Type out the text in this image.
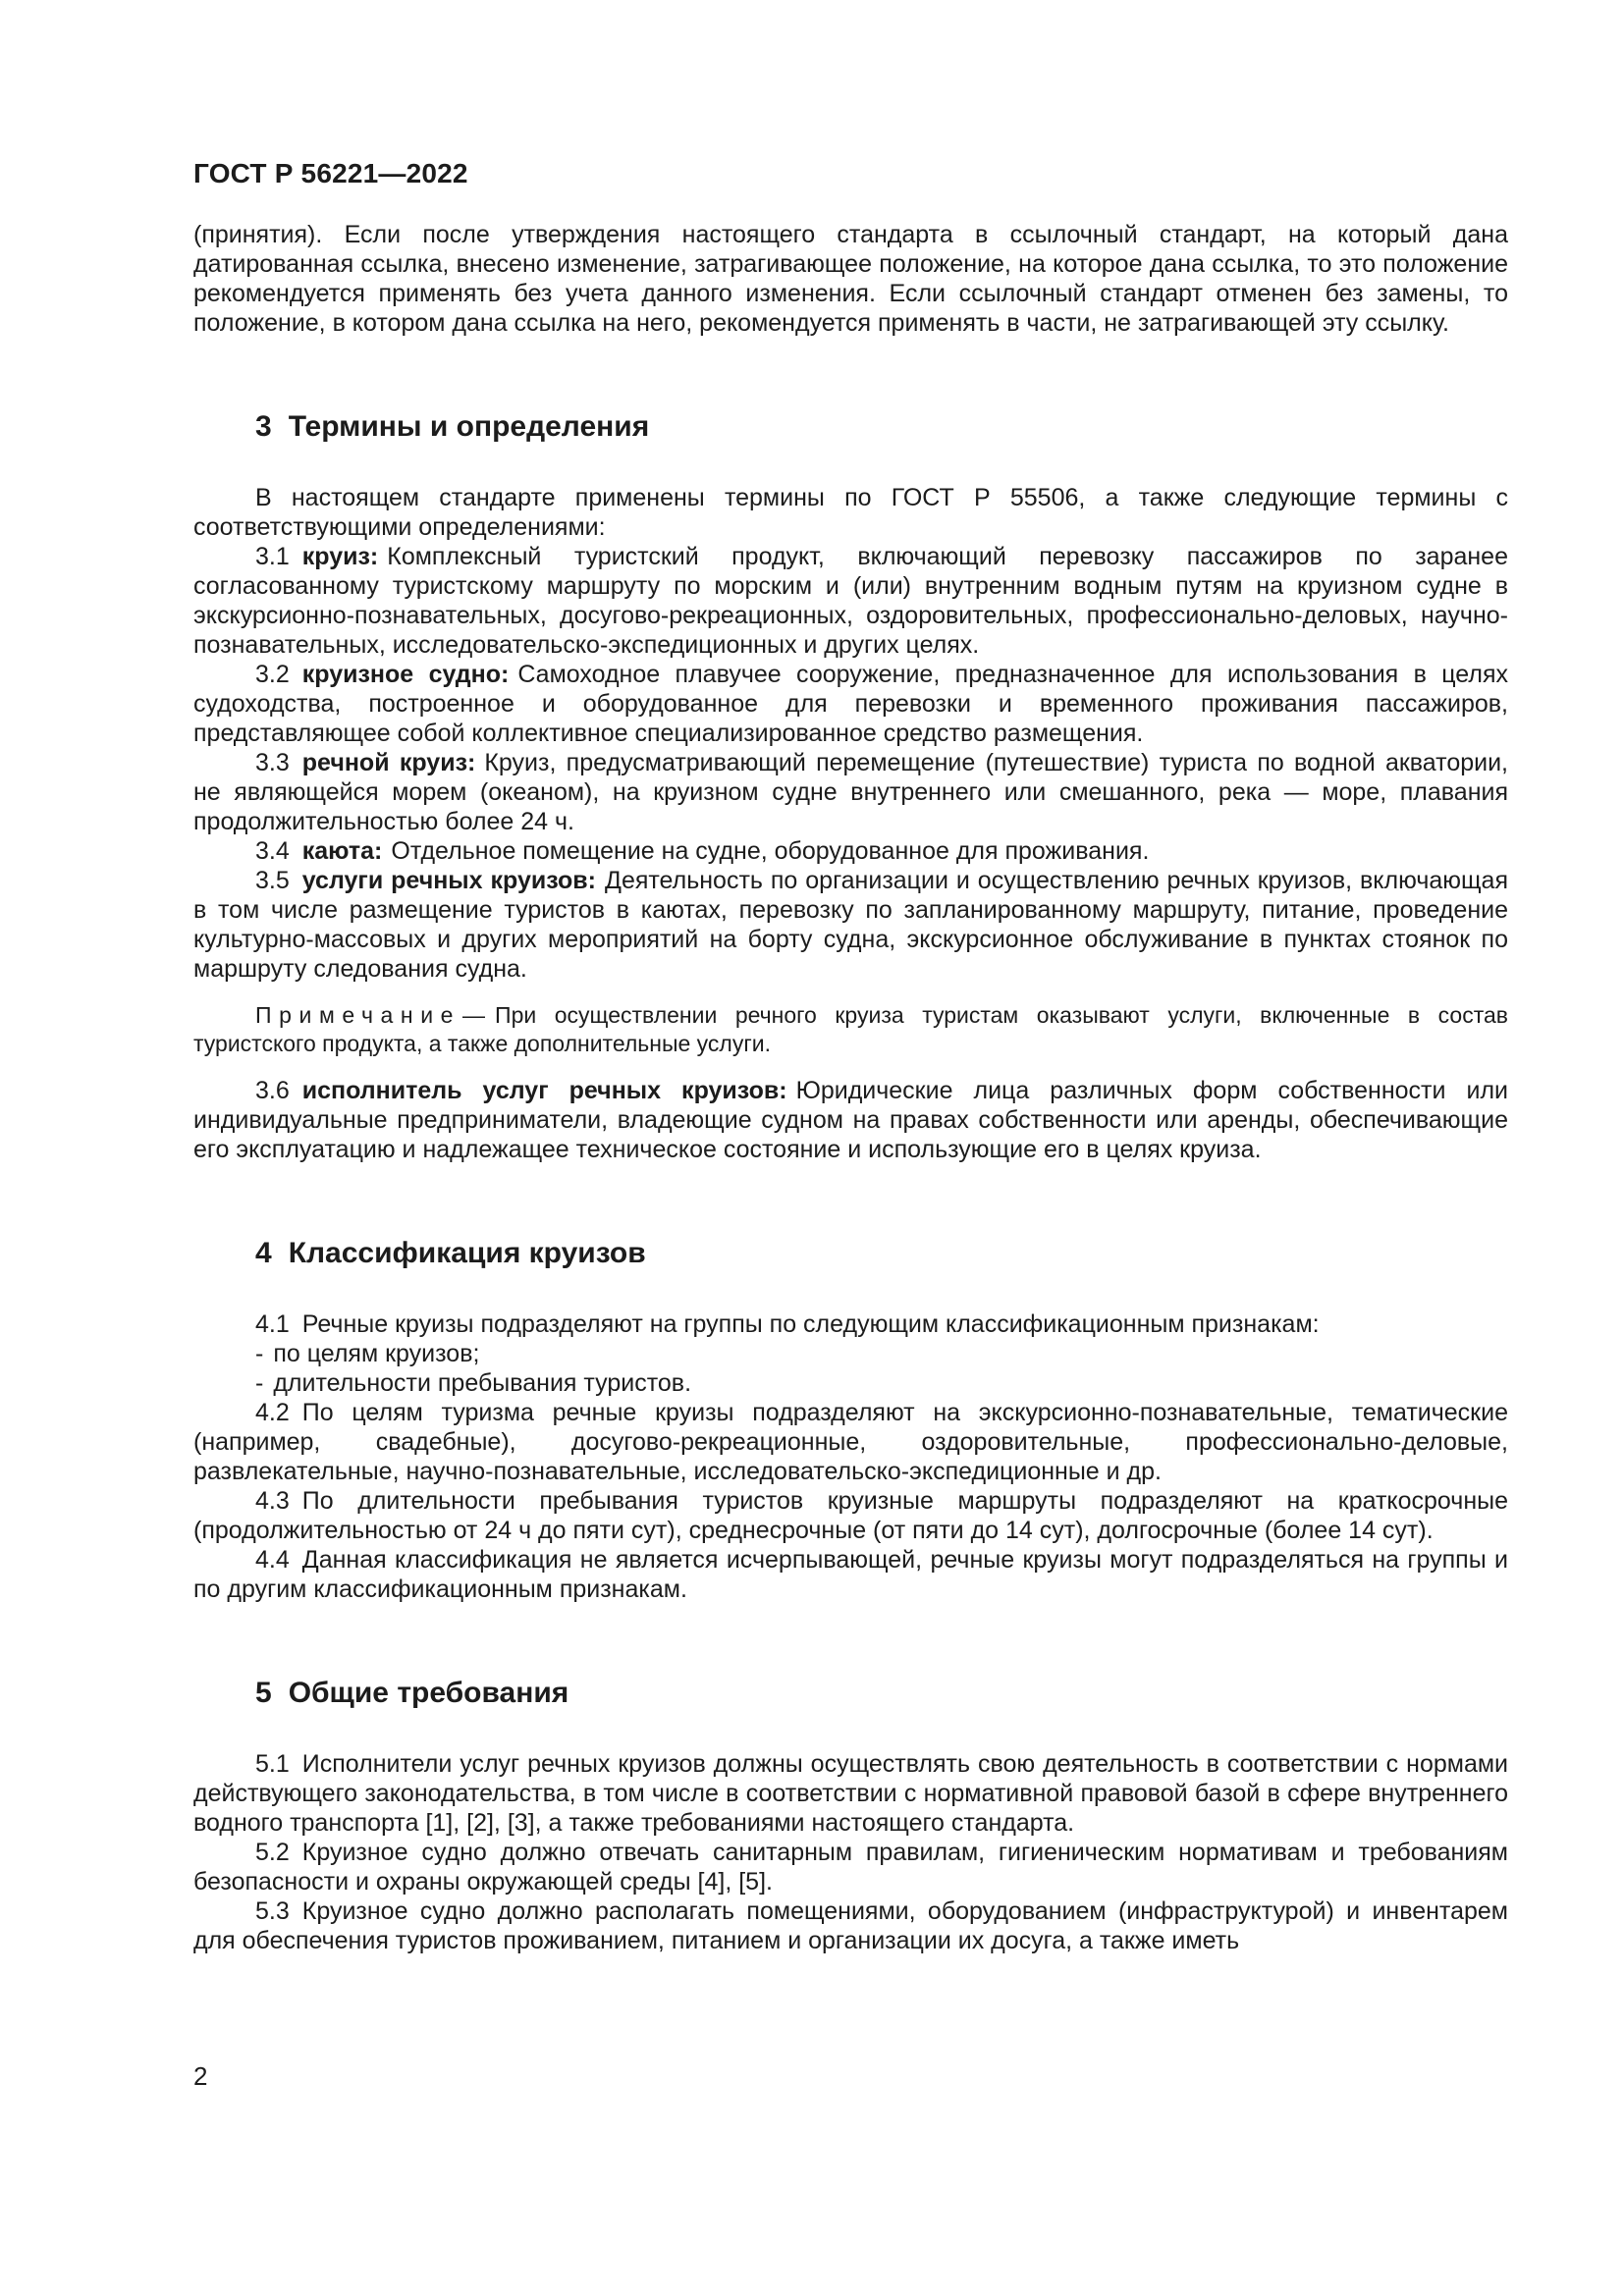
ГОСТ Р 56221—2022

(принятия). Если после утверждения настоящего стандарта в ссылочный стандарт, на который дана датированная ссылка, внесено изменение, затрагивающее положение, на которое дана ссылка, то это положение рекомендуется применять без учета данного изменения. Если ссылочный стандарт отменен без замены, то положение, в котором дана ссылка на него, рекомендуется применять в части, не затрагивающей эту ссылку.

3 Термины и определения

В настоящем стандарте применены термины по ГОСТ Р 55506, а также следующие термины с соответствующими определениями:

3.1 круиз: Комплексный туристский продукт, включающий перевозку пассажиров по заранее согласованному туристскому маршруту по морским и (или) внутренним водным путям на круизном судне в экскурсионно-познавательных, досугово-рекреационных, оздоровительных, профессионально-деловых, научно-познавательных, исследовательско-экспедиционных и других целях.

3.2 круизное судно: Самоходное плавучее сооружение, предназначенное для использования в целях судоходства, построенное и оборудованное для перевозки и временного проживания пассажиров, представляющее собой коллективное специализированное средство размещения.

3.3 речной круиз: Круиз, предусматривающий перемещение (путешествие) туриста по водной акватории, не являющейся морем (океаном), на круизном судне внутреннего или смешанного, река — море, плавания продолжительностью более 24 ч.

3.4 каюта: Отдельное помещение на судне, оборудованное для проживания.

3.5 услуги речных круизов: Деятельность по организации и осуществлению речных круизов, включающая в том числе размещение туристов в каютах, перевозку по запланированному маршруту, питание, проведение культурно-массовых и других мероприятий на борту судна, экскурсионное обслуживание в пунктах стоянок по маршруту следования судна.

Примечание— При осуществлении речного круиза туристам оказывают услуги, включенные в состав туристского продукта, а также дополнительные услуги.

3.6 исполнитель услуг речных круизов: Юридические лица различных форм собственности или индивидуальные предприниматели, владеющие судном на правах собственности или аренды, обеспечивающие его эксплуатацию и надлежащее техническое состояние и использующие его в целях круиза.

4 Классификация круизов

4.1 Речные круизы подразделяют на группы по следующим классификационным признакам:

- по целям круизов;

- длительности пребывания туристов.

4.2 По целям туризма речные круизы подразделяют на экскурсионно-познавательные, тематические (например, свадебные), досугово-рекреационные, оздоровительные, профессионально-деловые, развлекательные, научно-познавательные, исследовательско-экспедиционные и др.

4.3 По длительности пребывания туристов круизные маршруты подразделяют на краткосрочные (продолжительностью от 24 ч до пяти сут), среднесрочные (от пяти до 14 сут), долгосрочные (более 14 сут).

4.4 Данная классификация не является исчерпывающей, речные круизы могут подразделяться на группы и по другим классификационным признакам.

5 Общие требования

5.1 Исполнители услуг речных круизов должны осуществлять свою деятельность в соответствии с нормами действующего законодательства, в том числе в соответствии с нормативной правовой базой в сфере внутреннего водного транспорта [1], [2], [3], а также требованиями настоящего стандарта.

5.2 Круизное судно должно отвечать санитарным правилам, гигиеническим нормативам и требованиям безопасности и охраны окружающей среды [4], [5].

5.3 Круизное судно должно располагать помещениями, оборудованием (инфраструктурой) и инвентарем для обеспечения туристов проживанием, питанием и организации их досуга, а также иметь

2
